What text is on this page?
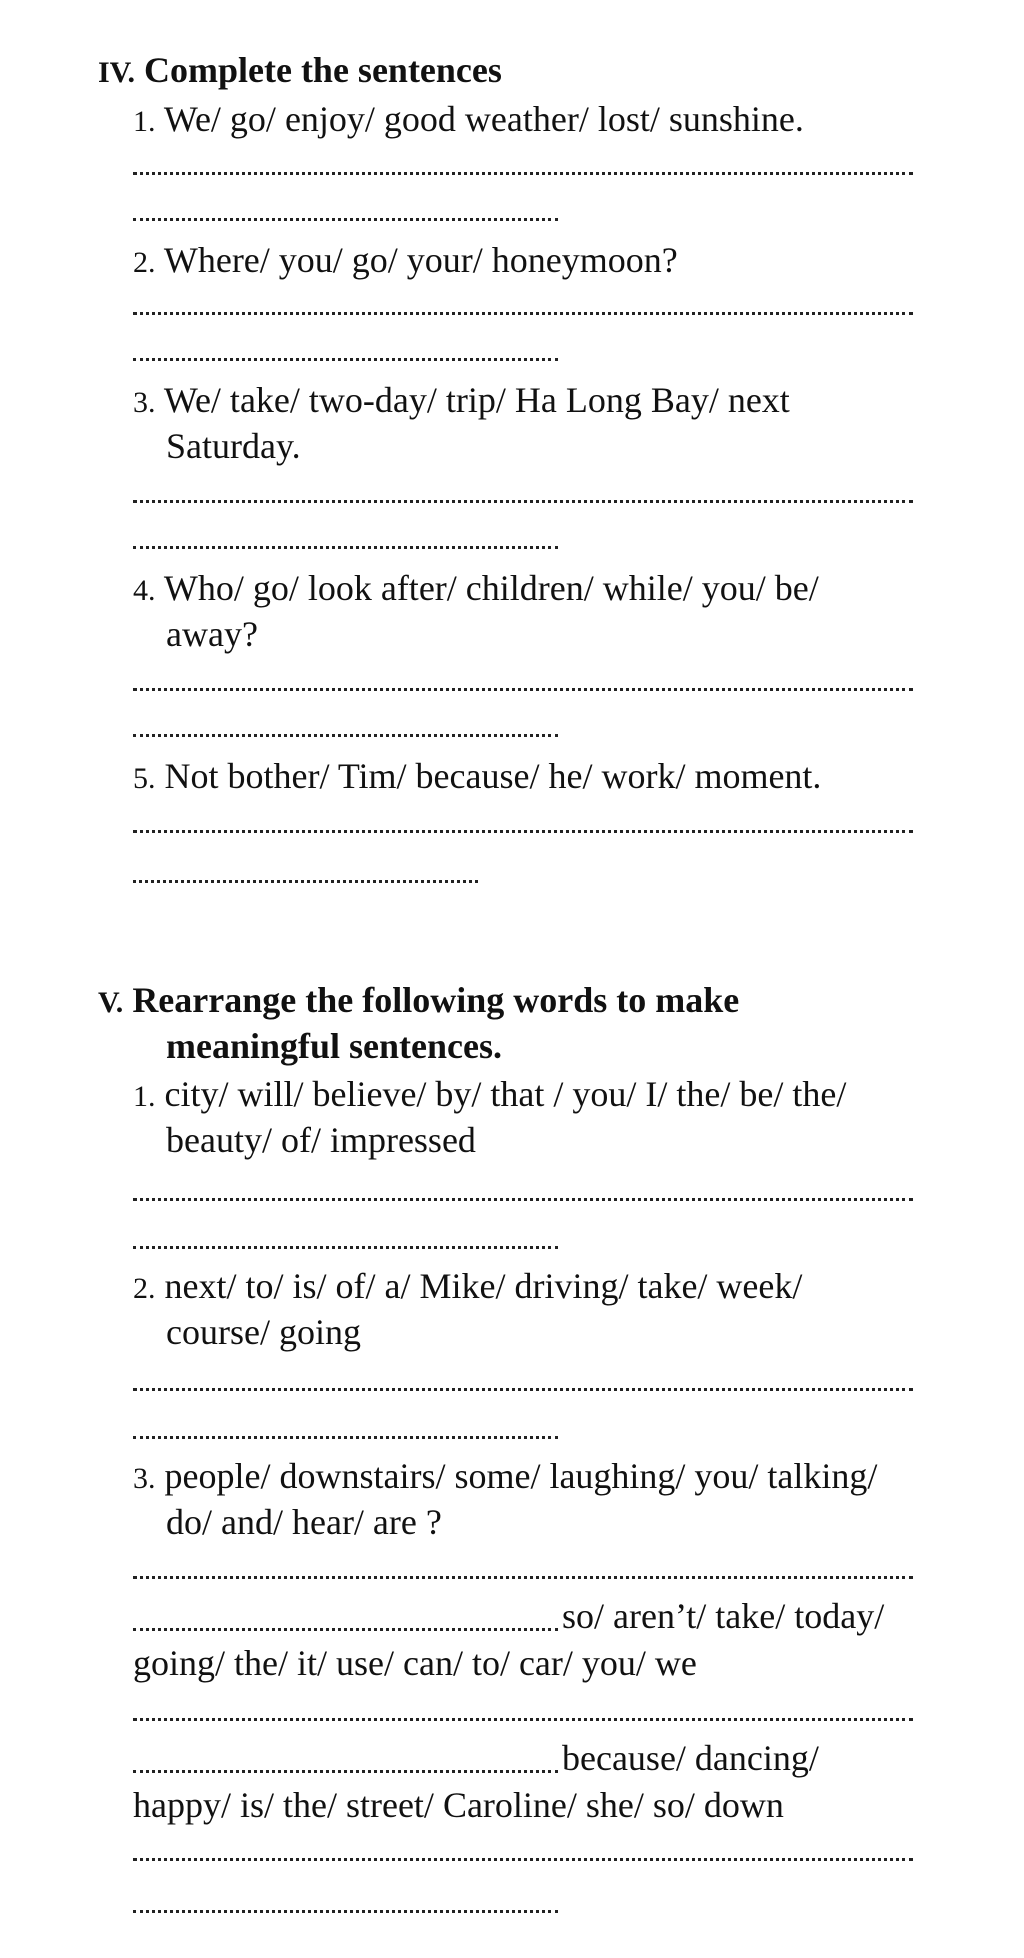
IV. Complete the sentences
1. We/ go/ enjoy/ good weather/ lost/ sunshine.
2. Where/ you/ go/ your/ honeymoon?
3. We/ take/ two-day/ trip/ Ha Long Bay/ next
Saturday.
4. Who/ go/ look after/ children/ while/ you/ be/
away?
5. Not bother/ Tim/ because/ he/ work/ moment.
V. Rearrange the following words to make
meaningful sentences.
1. city/ will/ believe/ by/ that / you/ I/ the/ be/ the/
beauty/ of/ impressed
2. next/ to/ is/ of/ a/ Mike/ driving/ take/ week/
course/ going
3. people/ downstairs/ some/ laughing/ you/ talking/
do/ and/ hear/ are ?
so/ aren’t/ take/ today/
going/ the/ it/ use/ can/ to/ car/ you/ we
because/ dancing/
happy/ is/ the/ street/ Caroline/ she/ so/ down
